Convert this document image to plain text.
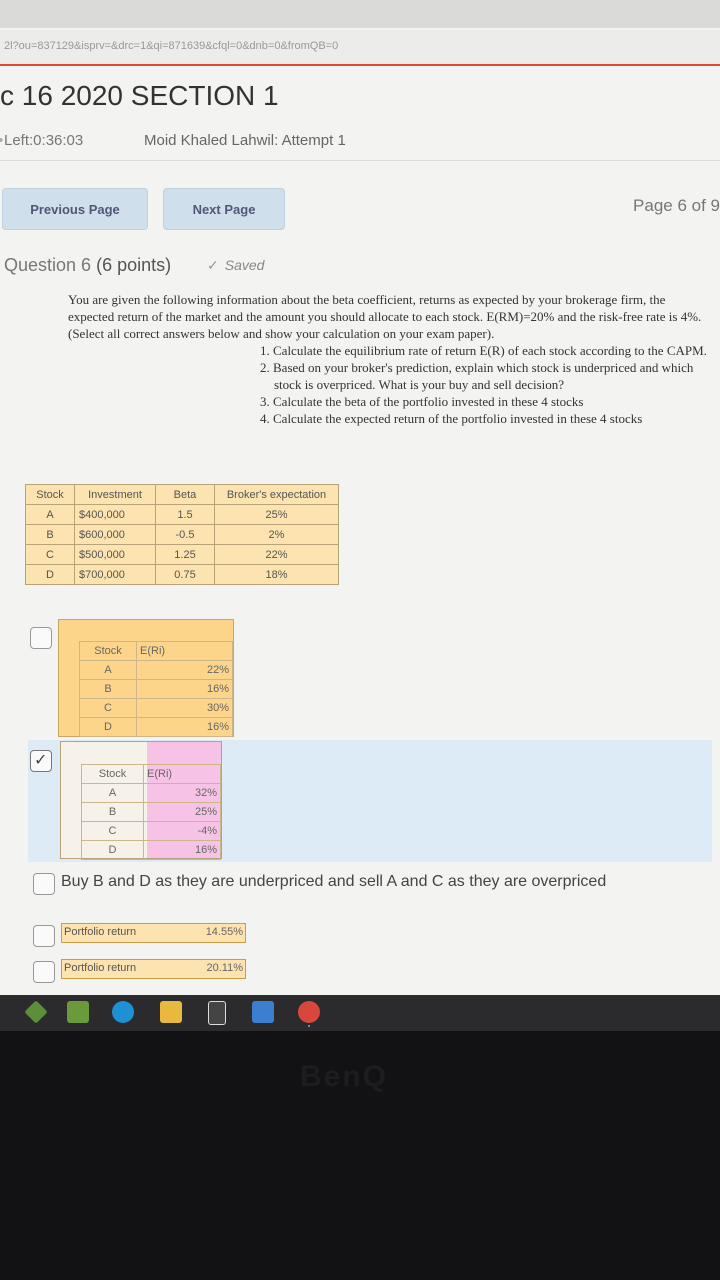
2l?ou=837129&isprv=&drc=1&qi=871639&cfql=0&dnb=0&fromQB=0
c 16 2020 SECTION 1
• Left:0:36:03	Moid Khaled Lahwil: Attempt 1
Previous Page	Next Page	Page 6 of 9
Question 6 (6 points)	✓ Saved
You are given the following information about the beta coefficient, returns as expected by your brokerage firm, the expected return of the market and the amount you should allocate to each stock. E(RM)=20% and the risk-free rate is 4%. (Select all correct answers below and show your calculation on your exam paper).
1. Calculate the equilibrium rate of return E(R) of each stock according to the CAPM.
2. Based on your broker's prediction, explain which stock is underpriced and which stock is overpriced. What is your buy and sell decision?
3. Calculate the beta of the portfolio invested in these 4 stocks
4. Calculate the expected return of the portfolio invested in these 4 stocks
Stock	Investment	Beta	Broker's expectation
A	$400,000	1.5	25%
B	$600,000	-0.5	2%
C	$500,000	1.25	22%
D	$700,000	0.75	18%
Stock	E(Ri)
A	22%
B	16%
C	30%
D	16%
✓
Stock	E(Ri)
A	32%
B	25%
C	-4%
D	16%
Buy B and D as they are underpriced and sell A and C as they are overpriced
Portfolio return	14.55%
Portfolio return	20.11%
BenQ
